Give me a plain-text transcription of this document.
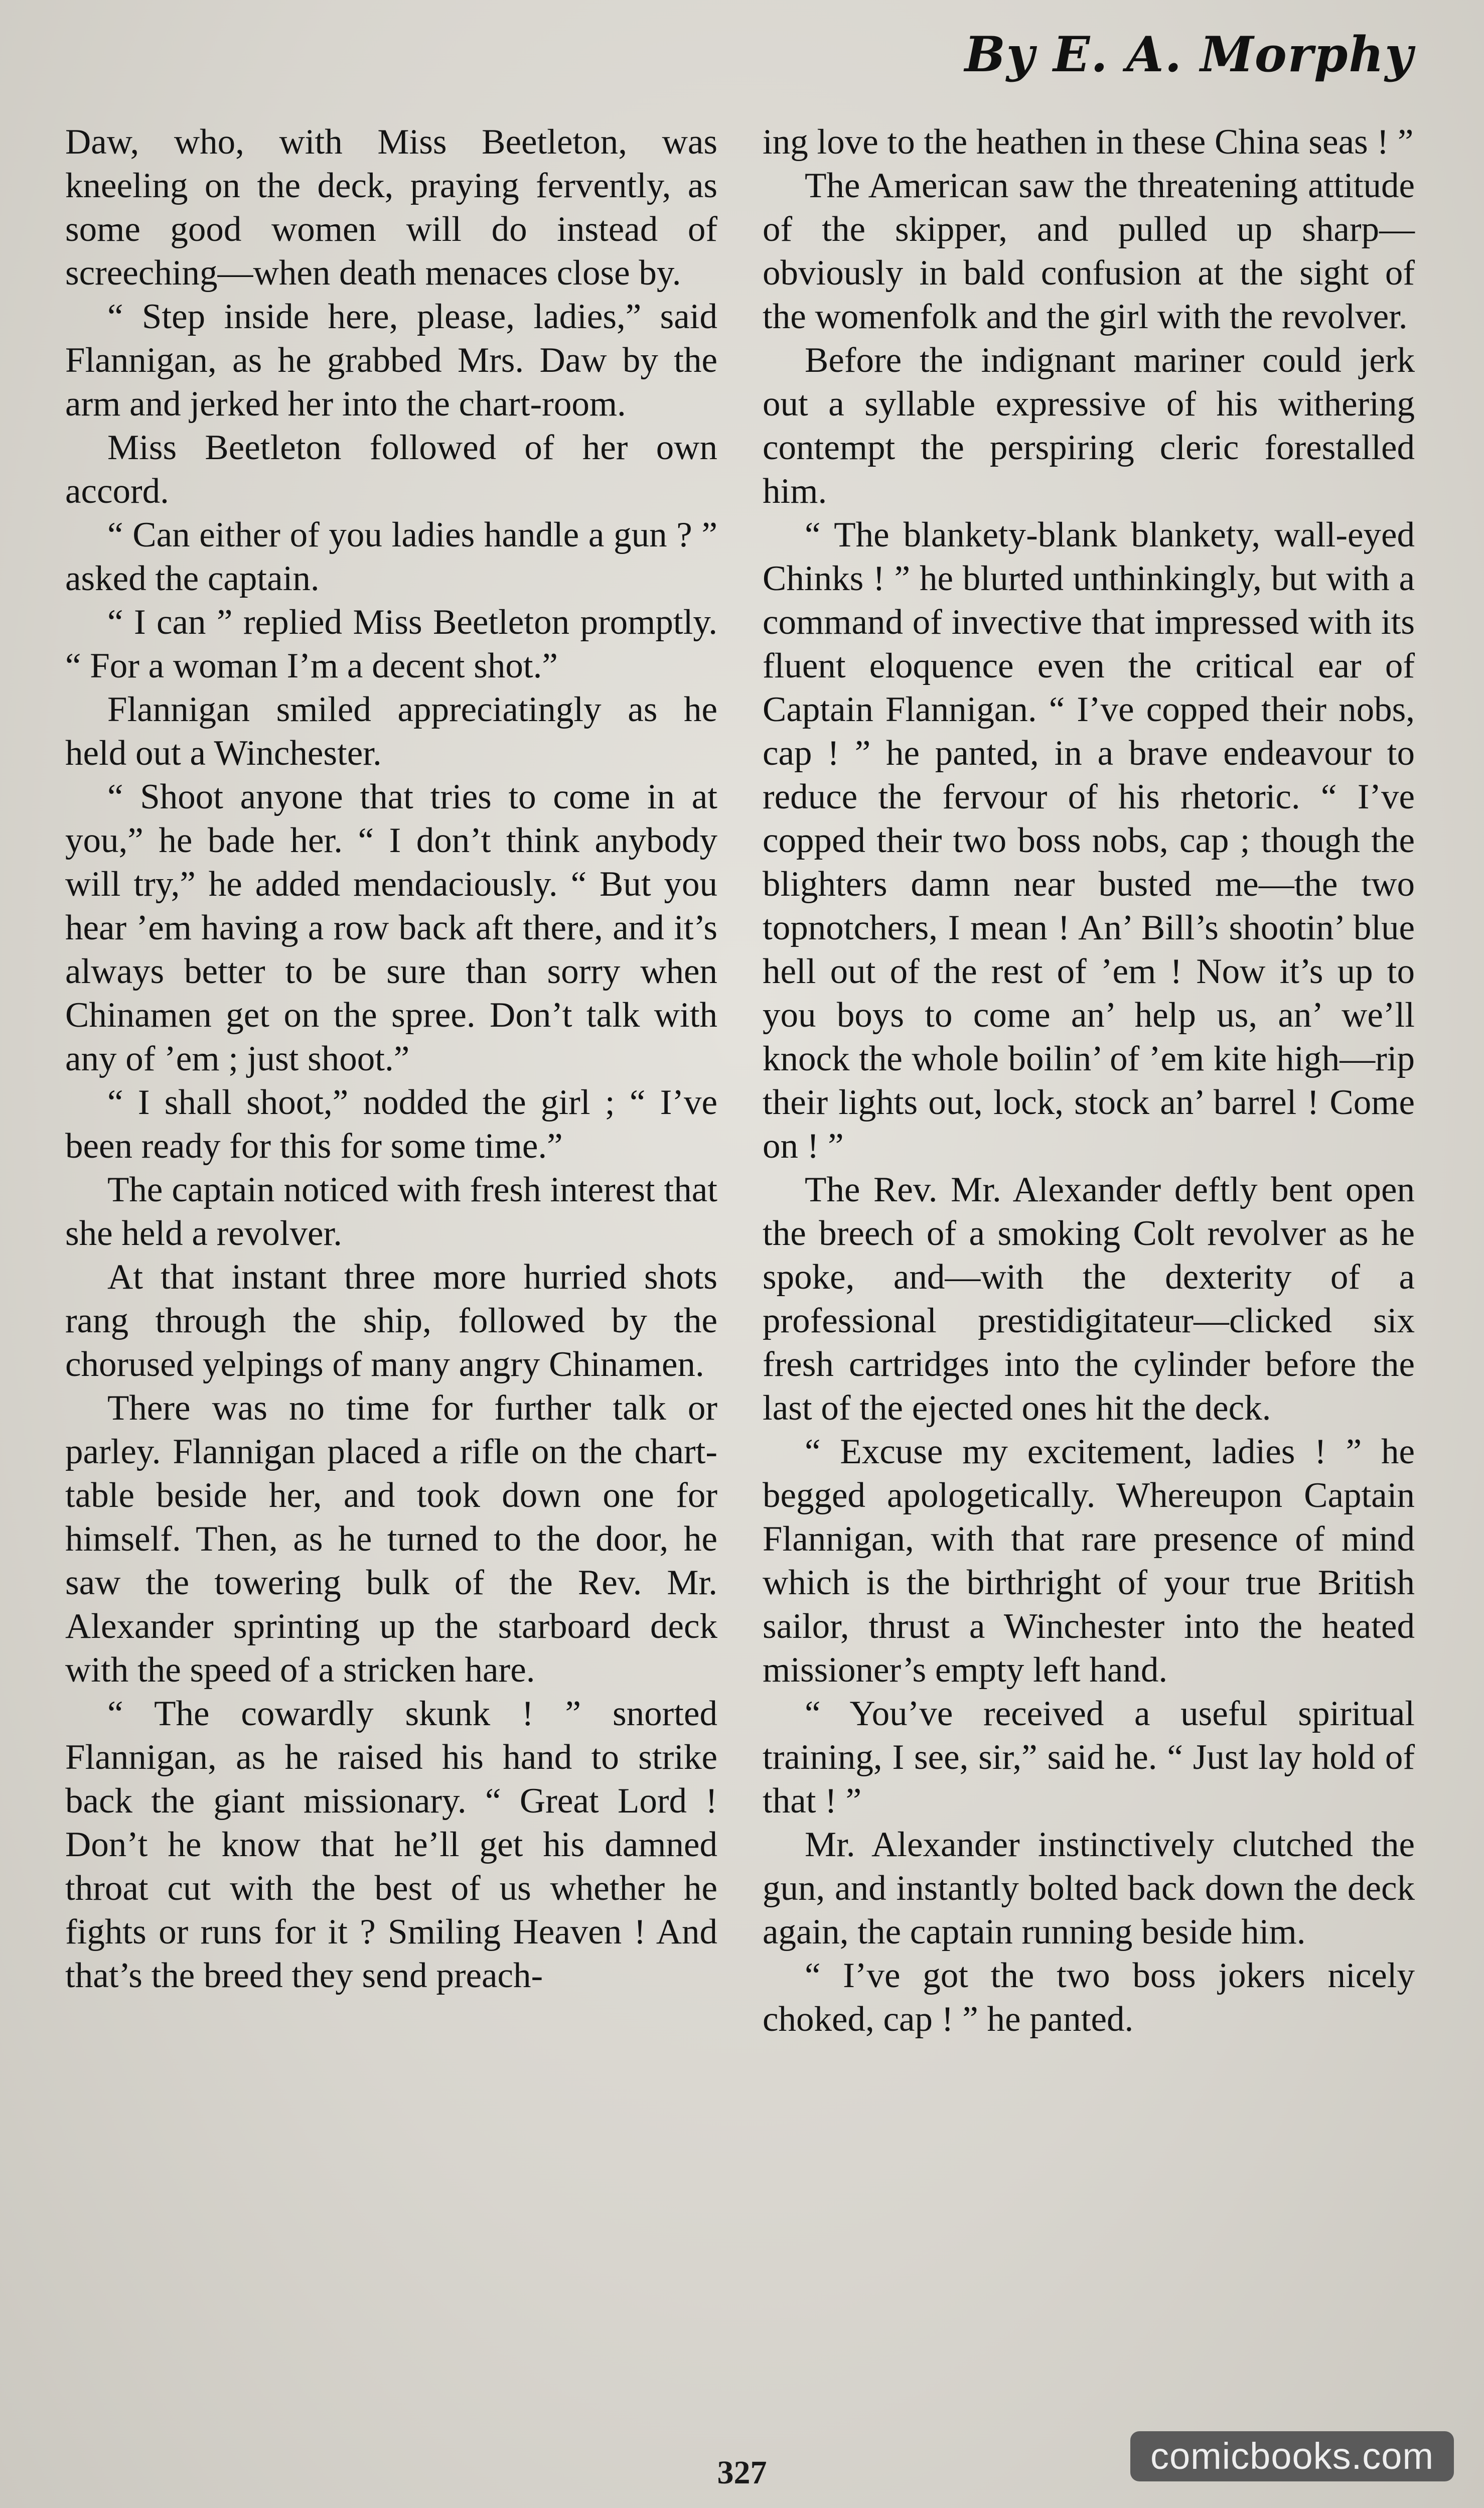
By E. A. Morphy

Daw, who, with Miss Beetleton, was kneeling on the deck, praying fervently, as some good women will do instead of screeching—when death menaces close by.

“ Step inside here, please, ladies,” said Flannigan, as he grabbed Mrs. Daw by the arm and jerked her into the chart-room.

Miss Beetleton followed of her own accord.

“ Can either of you ladies handle a gun ? ” asked the captain.

“ I can ” replied Miss Beetleton promptly. “ For a woman I’m a decent shot.”

Flannigan smiled appreciatingly as he held out a Winchester.

“ Shoot anyone that tries to come in at you,” he bade her. “ I don’t think anybody will try,” he added mendaciously. “ But you hear ’em having a row back aft there, and it’s always better to be sure than sorry when Chinamen get on the spree. Don’t talk with any of ’em ; just shoot.”

“ I shall shoot,” nodded the girl ; “ I’ve been ready for this for some time.”

The captain noticed with fresh interest that she held a revolver.

At that instant three more hurried shots rang through the ship, followed by the chorused yelpings of many angry Chinamen.

There was no time for further talk or parley. Flannigan placed a rifle on the chart-table beside her, and took down one for himself. Then, as he turned to the door, he saw the towering bulk of the Rev. Mr. Alexander sprinting up the starboard deck with the speed of a stricken hare.

“ The cowardly skunk ! ” snorted Flannigan, as he raised his hand to strike back the giant missionary. “ Great Lord ! Don’t he know that he’ll get his damned throat cut with the best of us whether he fights or runs for it ? Smiling Heaven ! And that’s the breed they send preach-

ing love to the heathen in these China seas ! ”

The American saw the threatening attitude of the skipper, and pulled up sharp—obviously in bald confusion at the sight of the womenfolk and the girl with the revolver.

Before the indignant mariner could jerk out a syllable expressive of his withering contempt the perspiring cleric forestalled him.

“ The blankety-blank blankety, wall-eyed Chinks ! ” he blurted unthinkingly, but with a command of invective that impressed with its fluent eloquence even the critical ear of Captain Flannigan. “ I’ve copped their nobs, cap ! ” he panted, in a brave endeavour to reduce the fervour of his rhetoric. “ I’ve copped their two boss nobs, cap ; though the blighters damn near busted me—the two topnotchers, I mean ! An’ Bill’s shootin’ blue hell out of the rest of ’em ! Now it’s up to you boys to come an’ help us, an’ we’ll knock the whole boilin’ of ’em kite high—rip their lights out, lock, stock an’ barrel ! Come on ! ”

The Rev. Mr. Alexander deftly bent open the breech of a smoking Colt revolver as he spoke, and—with the dexterity of a professional prestidigitateur—clicked six fresh cartridges into the cylinder before the last of the ejected ones hit the deck.

“ Excuse my excitement, ladies ! ” he begged apologetically. Whereupon Captain Flannigan, with that rare presence of mind which is the birthright of your true British sailor, thrust a Winchester into the heated missioner’s empty left hand.

“ You’ve received a useful spiritual training, I see, sir,” said he. “ Just lay hold of that ! ”

Mr. Alexander instinctively clutched the gun, and instantly bolted back down the deck again, the captain running beside him.

“ I’ve got the two boss jokers nicely choked, cap ! ” he panted.

327	comicbooks.com
